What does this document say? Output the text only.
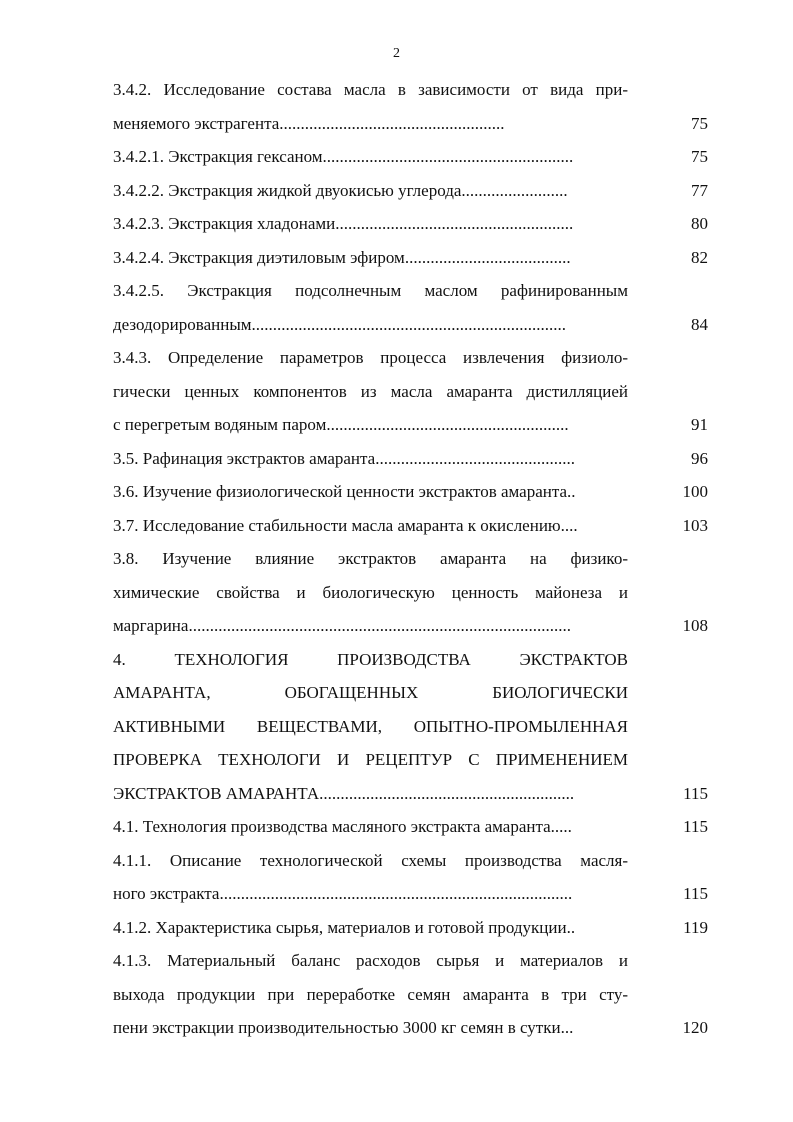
2
3.4.2. Исследование состава масла в зависимости от вида при-
меняемого экстрагента.....................................................	75
3.4.2.1. Экстракция гексаном...........................................................	75
3.4.2.2. Экстракция жидкой двуокисью углерода.........................	77
3.4.2.3. Экстракция хладонами........................................................	80
3.4.2.4. Экстракция диэтиловым эфиром.......................................	82
3.4.2.5. Экстракция подсолнечным маслом рафинированным
дезодорированным..........................................................................	84
3.4.3. Определение параметров процесса извлечения физиоло-
гически ценных компонентов из масла амаранта дистилляцией
с перегретым водяным паром.........................................................	91
3.5. Рафинация экстрактов амаранта...............................................	96
3.6. Изучение физиологической ценности экстрактов амаранта..	100
3.7. Исследование стабильности масла амаранта к окислению....	103
3.8. Изучение влияние экстрактов амаранта на физико-
химические свойства и биологическую ценность майонеза и
маргарина..........................................................................................	108
4. ТЕХНОЛОГИЯ ПРОИЗВОДСТВА ЭКСТРАКТОВ
АМАРАНТА, ОБОГАЩЕННЫХ БИОЛОГИЧЕСКИ
АКТИВНЫМИ ВЕЩЕСТВАМИ, ОПЫТНО-ПРОМЫЛЕННАЯ
ПРОВЕРКА ТЕХНОЛОГИ И РЕЦЕПТУР С ПРИМЕНЕНИЕМ
ЭКСТРАКТОВ АМАРАНТА............................................................	115
4.1. Технология производства масляного экстракта амаранта.....	115
4.1.1. Описание технологической схемы производства масля-
ного экстракта...................................................................................	115
4.1.2. Характеристика сырья, материалов и готовой продукции..	119
4.1.3. Материальный баланс расходов сырья и материалов и
выхода продукции при переработке семян амаранта в три сту-
пени экстракции производительностью 3000 кг семян в сутки...	120
